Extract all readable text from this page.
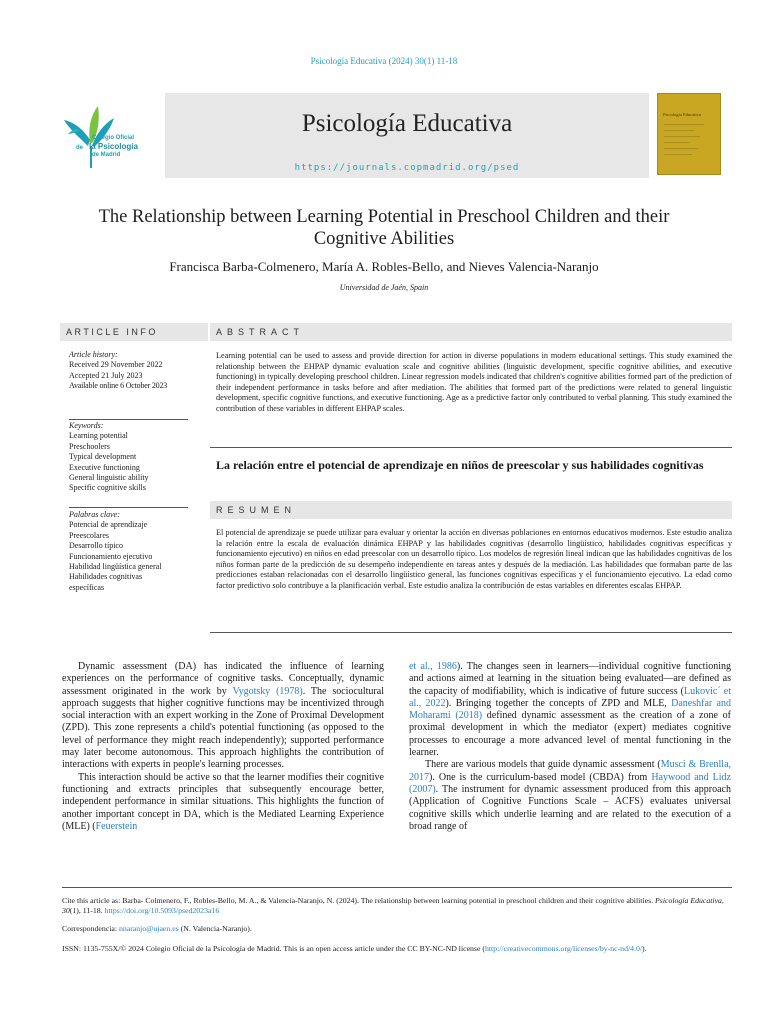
Psicología Educativa (2024) 30(1) 11-18
Colegio Oficial
de la Psicología
de Madrid
Psicología Educativa
https://journals.copmadrid.org/psed
Psicología Educativa
The Relationship between Learning Potential in Preschool Children and their
Cognitive Abilities
Francisca Barba-Colmenero, María A. Robles-Bello, and Nieves Valencia-Naranjo
Universidad de Jaén, Spain
ARTICLE INFO	ABSTRACT
Article history:
Received 29 November 2022
Accepted 21 July 2023
Available online 6 October 2023
Keywords:
Learning potential
Preschoolers
Typical development
Executive functioning
General linguistic ability
Specific cognitive skills
Palabras clave:
Potencial de aprendizaje
Preescolares
Desarrollo típico
Funcionamiento ejecutivo
Habilidad lingüística general
Habilidades cognitivas
específicas
Learning potential can be used to assess and provide direction for action in diverse populations in modern educational settings. This study examined the relationship between the EHPAP dynamic evaluation scale and cognitive abilities (linguistic development, specific cognitive abilities, and executive functioning) in typically developing preschool children. Linear regression models indicated that children's cognitive abilities formed part of the prediction of their independent performance in tasks before and after mediation. The abilities that formed part of the predictions were related to general linguistic development, specific cognitive functions, and executive functioning. Age as a predictive factor only contributed to verbal planning. This study examined the contribution of these variables in different EHPAP scales.
La relación entre el potencial de aprendizaje en niños de preescolar y sus habilidades cognitivas
RESUMEN
El potencial de aprendizaje se puede utilizar para evaluar y orientar la acción en diversas poblaciones en entornos educativos modernos. Este estudio analiza la relación entre la escala de evaluación dinámica EHPAP y las habilidades cognitivas (desarrollo lingüístico, habilidades cognitivas específicas y funcionamiento ejecutivo) en niños en edad preescolar con un desarrollo típico. Los modelos de regresión lineal indican que las habilidades cognitivas de los niños forman parte de la predicción de su desempeño independiente en tareas antes y después de la mediación. Las habilidades que formaban parte de las predicciones estaban relacionadas con el desarrollo lingüístico general, las funciones cognitivas específicas y el funcionamiento ejecutivo. La edad como factor predictivo solo contribuye a la planificación verbal. Este estudio analiza la contribución de estas variables en diferentes escalas EHPAP.

Dynamic assessment (DA) has indicated the influence of learning experiences on the performance of cognitive tasks. Conceptually, dynamic assessment originated in the work by Vygotsky (1978). The sociocultural approach suggests that higher cognitive functions may be incentivized through social interaction with an expert working in the Zone of Proximal Development (ZPD). This zone represents a child's potential functioning (as opposed to the level of performance they might reach independently); supported performance may later become autonomous. This approach highlights the contribution of interactions with experts in people's learning processes.

This interaction should be active so that the learner modifies their cognitive functioning and extracts principles that subsequently encourage better, independent performance in similar situations. This highlights the function of another important concept in DA, which is the Mediated Learning Experience (MLE) (Feuerstein

et al., 1986). The changes seen in learners—individual cognitive functioning and actions aimed at learning in the situation being evaluated—are defined as the capacity of modifiability, which is indicative of future success (Lukovic´ et al., 2022). Bringing together the concepts of ZPD and MLE, Daneshfar and Moharami (2018) defined dynamic assessment as the creation of a zone of proximal development in which the mediator (expert) mediates cognitive processes to encourage a more advanced level of mental functioning in the learner.

There are various models that guide dynamic assessment (Musci & Brenlla, 2017). One is the curriculum-based model (CBDA) from Haywood and Lidz (2007). The instrument for dynamic assessment produced from this approach (Application of Cognitive Functions Scale – ACFS) evaluates universal cognitive skills which underlie learning and are related to the execution of a broad range of

Cite this article as: Barba- Colmenero, F., Robles-Bello, M. A., & Valencia-Naranjo, N. (2024). The relationship between learning potential in preschool children and their cognitive abilities. Psicología Educativa, 30(1), 11-18. https://doi.org/10.5093/psed2023a16
Correspondencia: nnaranjo@ujaen.es (N. Valencia-Naranjo).
ISSN: 1135-755X/© 2024 Colegio Oficial de la Psicología de Madrid. This is an open access article under the CC BY-NC-ND license (http://creativecommons.org/licenses/by-nc-nd/4.0/).
